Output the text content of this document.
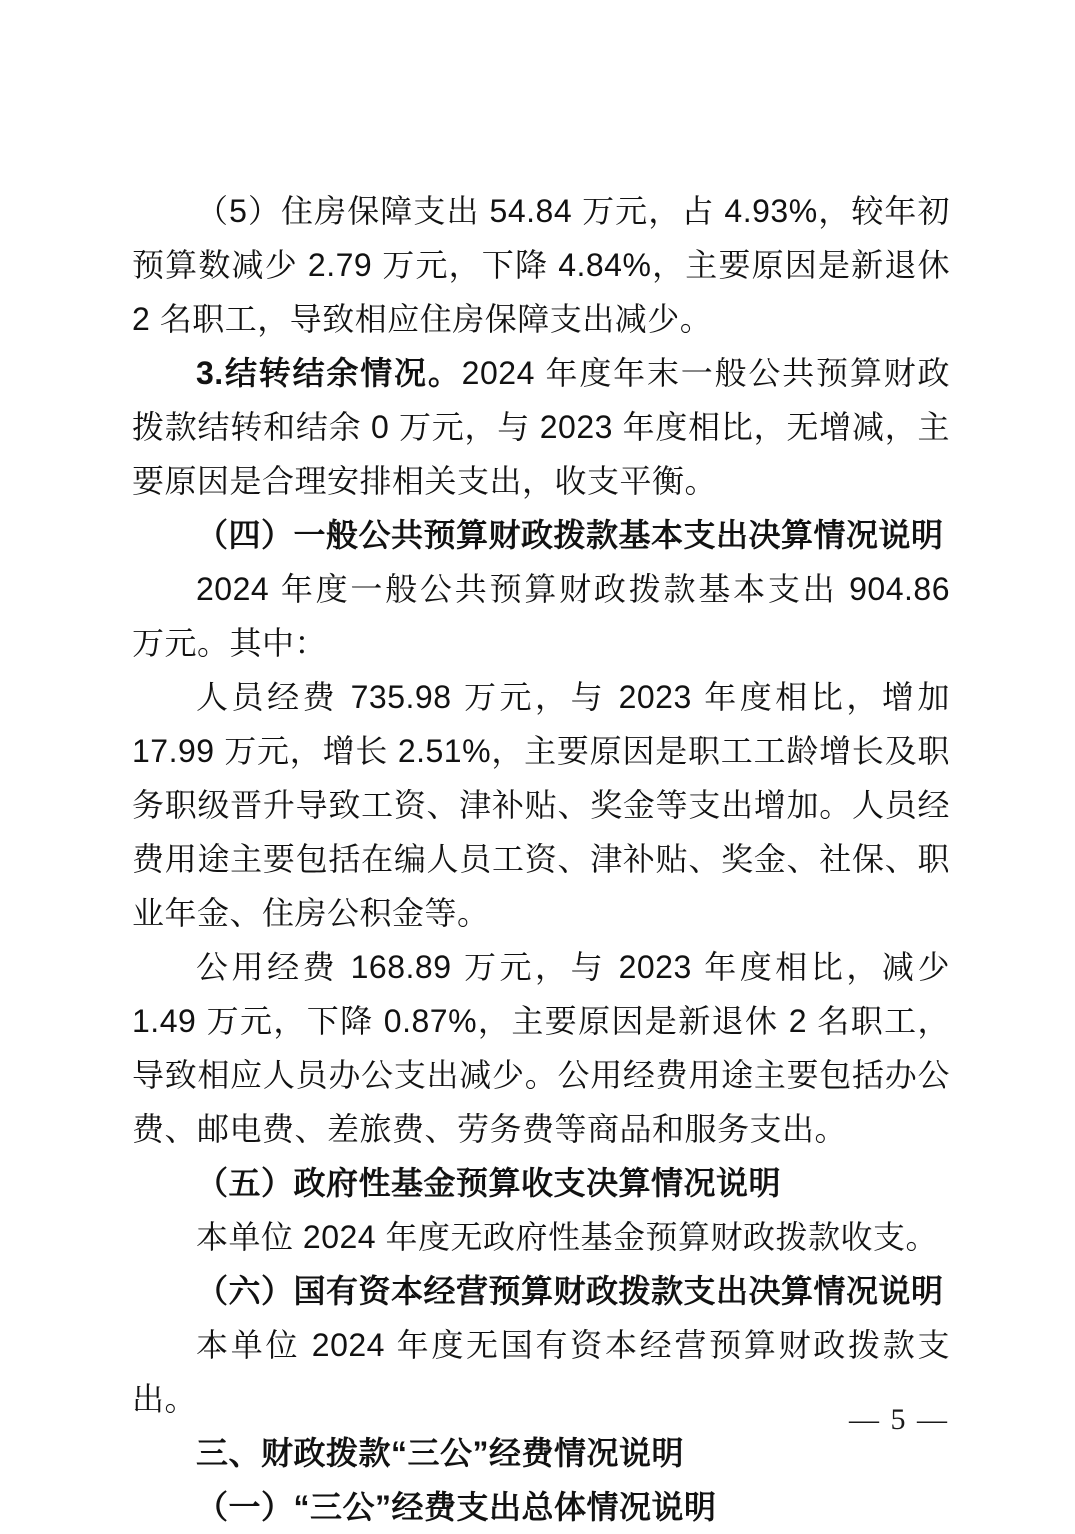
（5）住房保障支出 54.84 万元，占 4.93%，较年初预算数减少 2.79 万元，下降 4.84%，主要原因是新退休 2 名职工，导致相应住房保障支出减少。

3.结转结余情况。2024 年度年末一般公共预算财政拨款结转和结余 0 万元，与 2023 年度相比，无增减，主要原因是合理安排相关支出，收支平衡。

（四）一般公共预算财政拨款基本支出决算情况说明

2024 年度一般公共预算财政拨款基本支出 904.86 万元。其中：

人员经费 735.98 万元，与 2023 年度相比，增加 17.99 万元，增长 2.51%，主要原因是职工工龄增长及职务职级晋升导致工资、津补贴、奖金等支出增加。人员经费用途主要包括在编人员工资、津补贴、奖金、社保、职业年金、住房公积金等。

公用经费 168.89 万元，与 2023 年度相比，减少 1.49 万元，下降 0.87%，主要原因是新退休 2 名职工，导致相应人员办公支出减少。公用经费用途主要包括办公费、邮电费、差旅费、劳务费等商品和服务支出。

（五）政府性基金预算收支决算情况说明

本单位 2024 年度无政府性基金预算财政拨款收支。

（六）国有资本经营预算财政拨款支出决算情况说明

本单位 2024 年度无国有资本经营预算财政拨款支出。

三、财政拨款“三公”经费情况说明

（一）“三公”经费支出总体情况说明

— 5 —
